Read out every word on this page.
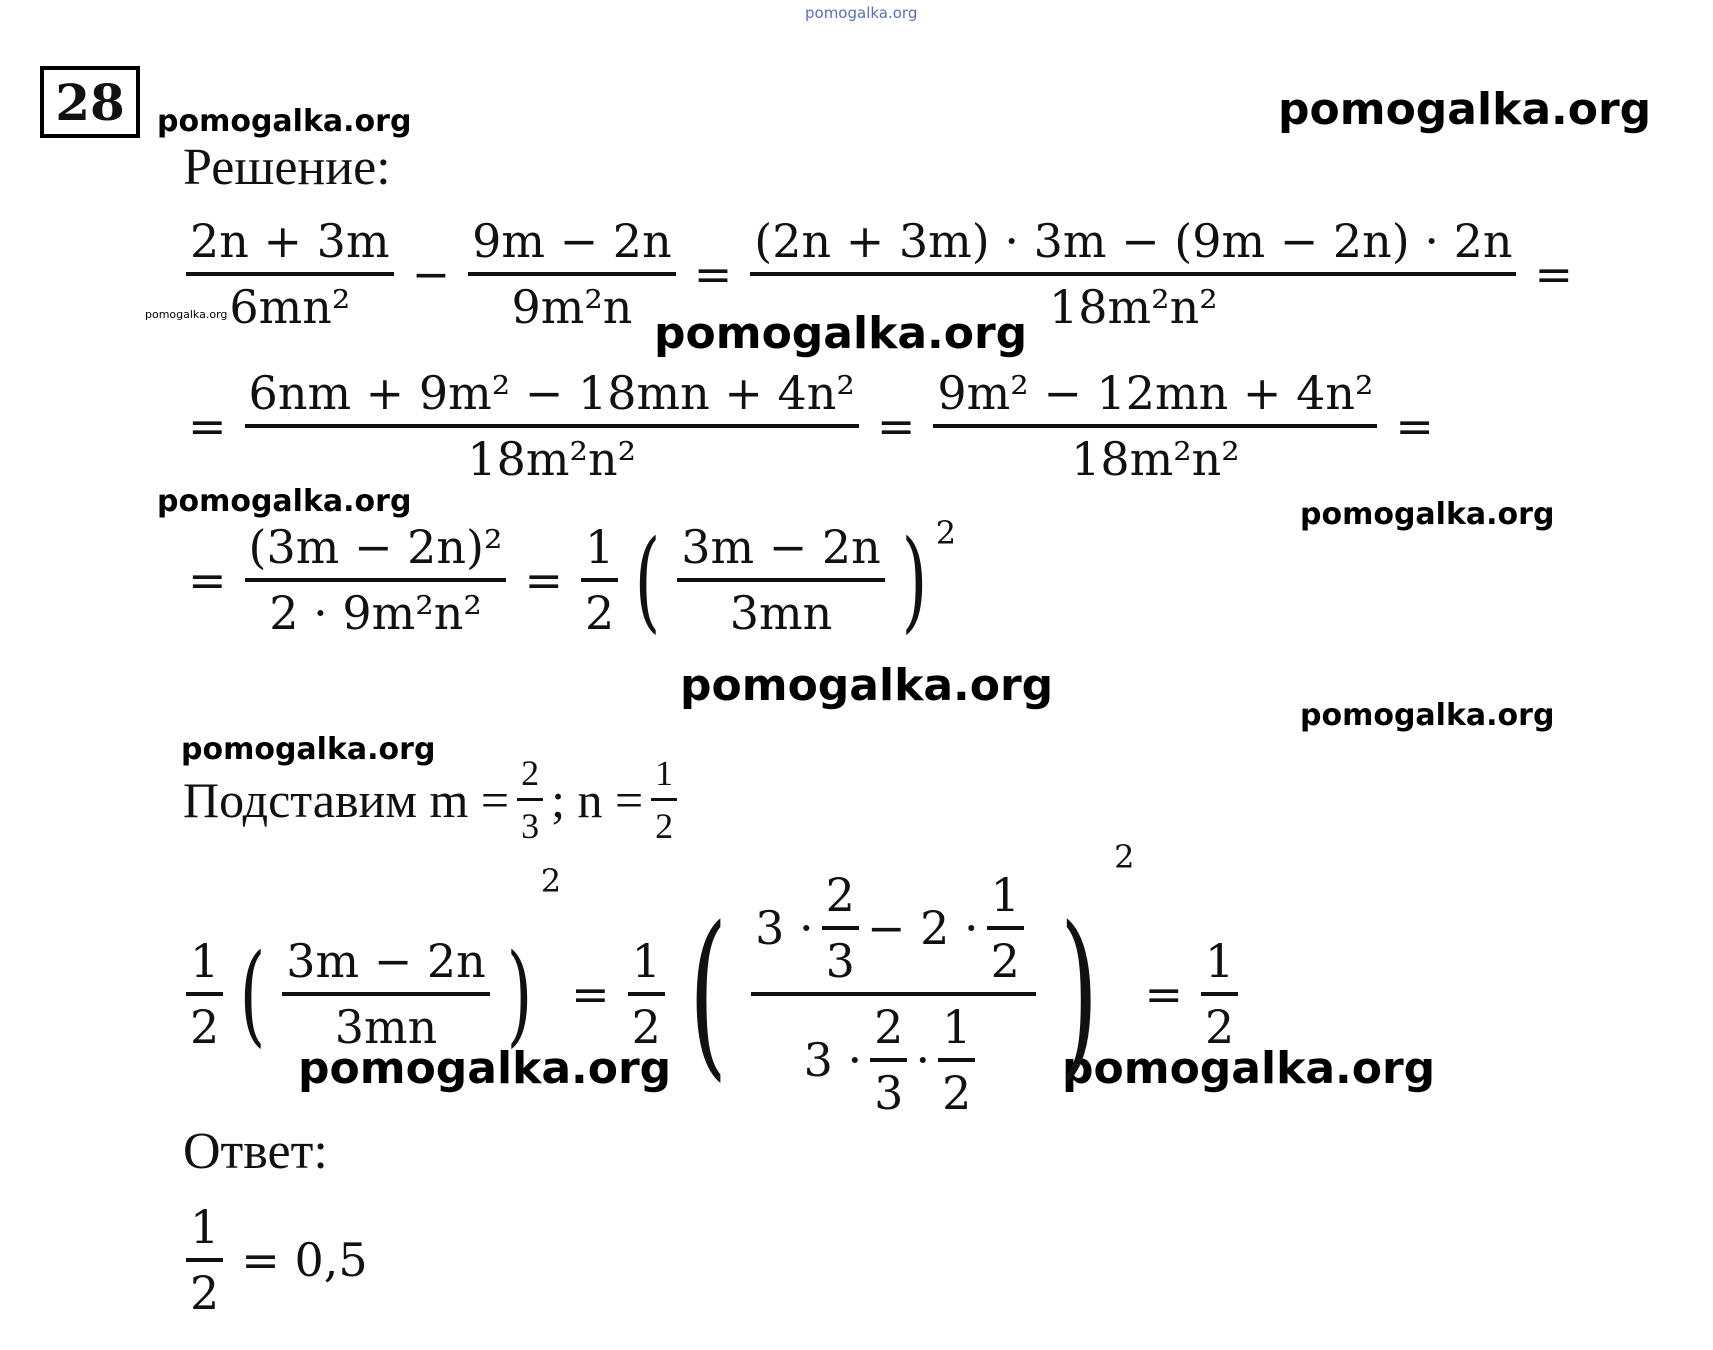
pomogalka.org
pomogalka.org	pomogalka.org
pomogalka.org	pomogalka.org
pomogalka.org	pomogalka.org
pomogalka.org
pomogalka.org
pomogalka.org
pomogalka.org	pomogalka.org
28
Решение:
$\frac{2n + 3m}{\text{6mn²}} - \frac{9m - 2n}{\text{9m²n}} = \frac{(2n + 3m) \cdot 3m - (9m - 2n) \cdot 2n}{\text{18m²n²}}$ =
= $\frac{\text{6nm + 9m² − 18mn + 4n²}}{\text{18m²n²}} = \frac{\text{9m² − 12mn + 4n²}}{\text{18m²n²}}$ =
= $\frac{\text{(3m − 2n)²}}{\text{2 · 9m²n²}} = \frac{1}{2}$ ( $\frac{3m - 2n}{3mn}$ ) 2
Подставим $m = \frac{2}{3}$ ; $n = \frac{1}{2}$
$\frac{1}{2}$ ( $\frac{3m - 2n}{3mn}$ )
2
= $\frac{1}{2}$ ( $3 \cdot \frac{2}{3} - 2 \cdot \frac{1}{2}$
$3 \cdot \frac{2}{3} \cdot \frac{1}{2}$ )
2
= $\frac{1}{2}$
Ответ:
$\frac{1}{2} = 0,5$
